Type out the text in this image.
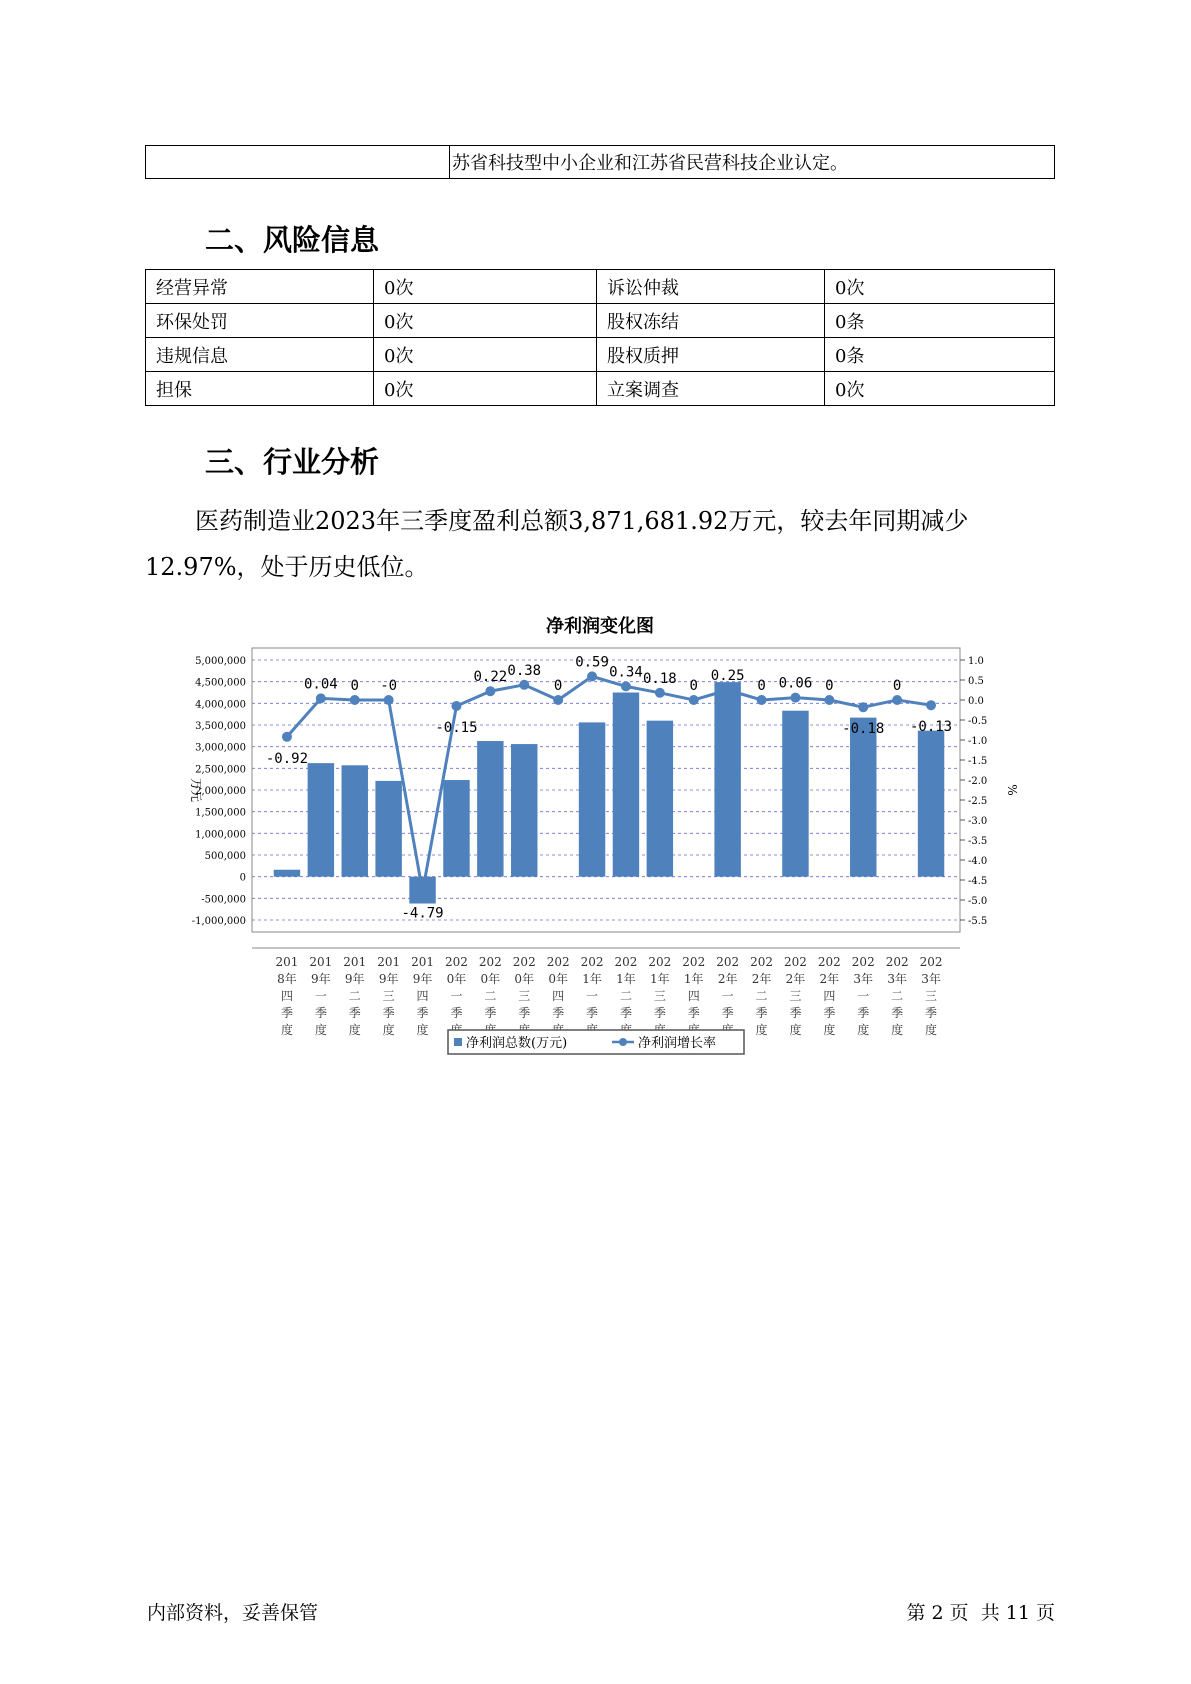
	苏省科技型中小企业和江苏省民营科技企业认定。
二、风险信息
经营异常	0次	诉讼仲裁	0次
环保处罚	0次	股权冻结	0条
违规信息	0次	股权质押	0条
担保	0次	立案调查	0次
三、行业分析

医药制造业2023年三季度盈利总额3,871,681.92万元，较去年同期减少12.97%，处于历史低位。

净利润变化图
万元	%
5,000,000
4,500,000
4,000,000
3,500,000
3,000,000
2,500,000
2,000,000
1,500,000
1,000,000
500,000
0
-500,000
-1,000,000
1.0
0.5
0.0
-0.5
-1.0
-1.5
-2.0
-2.5
-3.0
-3.5
-4.0
-4.5
-5.0
-5.5
-0.92
0.04 0 -0
-4.79
-0.15
0.22 0.38
0
0.59
0.34 0.18 0
0.25
0 0.06 0
-0.18
0
-0.13
201
8年
四
季
度
201
9年
一
季
度
201
9年
二
季
度
201
9年
三
季
度
201
9年
四
季
度
202
0年
一
季
202
0年
二
季
202
0年
三
季
202
0年
四
季
202
1年
一
季
202
1年
二
季
202
1年
三
季
202
1年
四
季
202
2年
一
季
202
2年
二
季
度
202
2年
三
季
度
202
2年
四
季
度
202
3年
一
季
度
202
3年
二
季
度
202
3年
三
季
度
净利润总数(万元)	净利润增长率
内部资料，妥善保管	第 2 页  共 11 页
